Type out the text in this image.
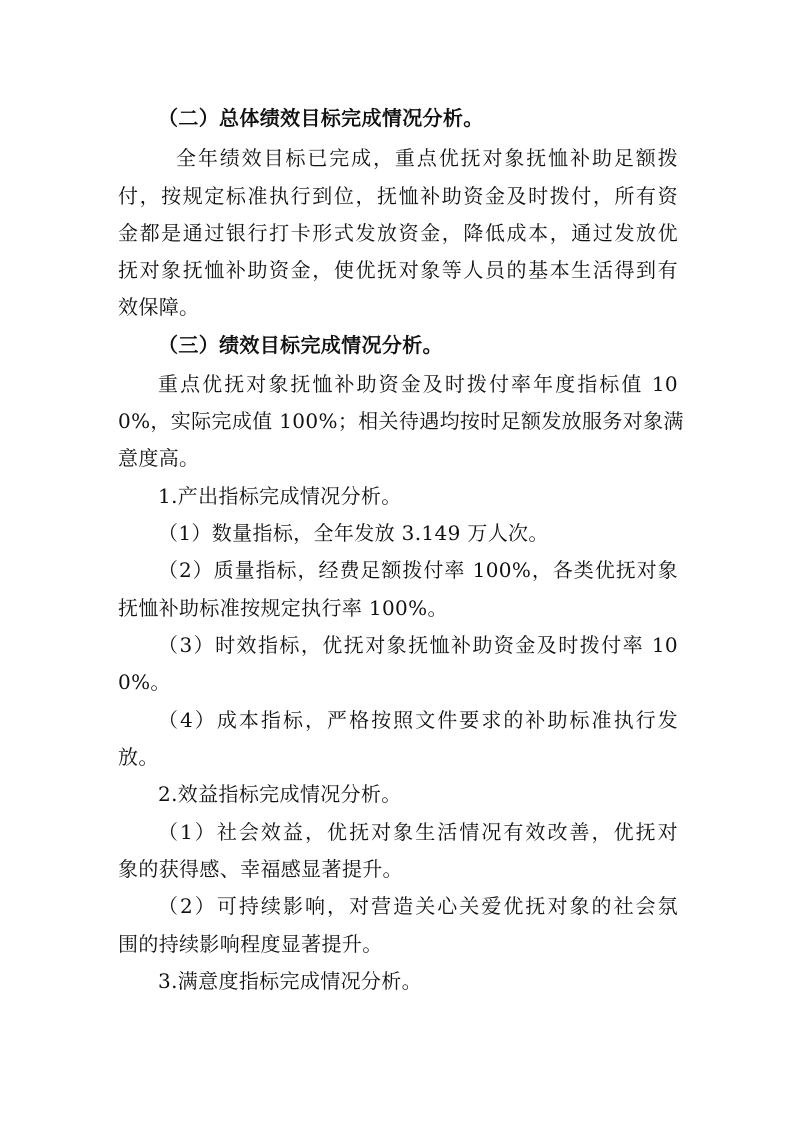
（二）总体绩效目标完成情况分析。
全年绩效目标已完成，重点优抚对象抚恤补助足额拨
付，按规定标准执行到位，抚恤补助资金及时拨付，所有资
金都是通过银行打卡形式发放资金，降低成本，通过发放优
抚对象抚恤补助资金，使优抚对象等人员的基本生活得到有
效保障。
（三）绩效目标完成情况分析。
重点优抚对象抚恤补助资金及时拨付率年度指标值 10
0%，实际完成值 100%；相关待遇均按时足额发放服务对象满
意度高。
1.产出指标完成情况分析。
（1）数量指标，全年发放 3.149 万人次。
（2）质量指标，经费足额拨付率 100%，各类优抚对象
抚恤补助标准按规定执行率 100%。
（3）时效指标，优抚对象抚恤补助资金及时拨付率 10
0%。
（4）成本指标，严格按照文件要求的补助标准执行发
放。
2.效益指标完成情况分析。
（1）社会效益，优抚对象生活情况有效改善，优抚对
象的获得感、幸福感显著提升。
（2）可持续影响，对营造关心关爱优抚对象的社会氛
围的持续影响程度显著提升。
3.满意度指标完成情况分析。
